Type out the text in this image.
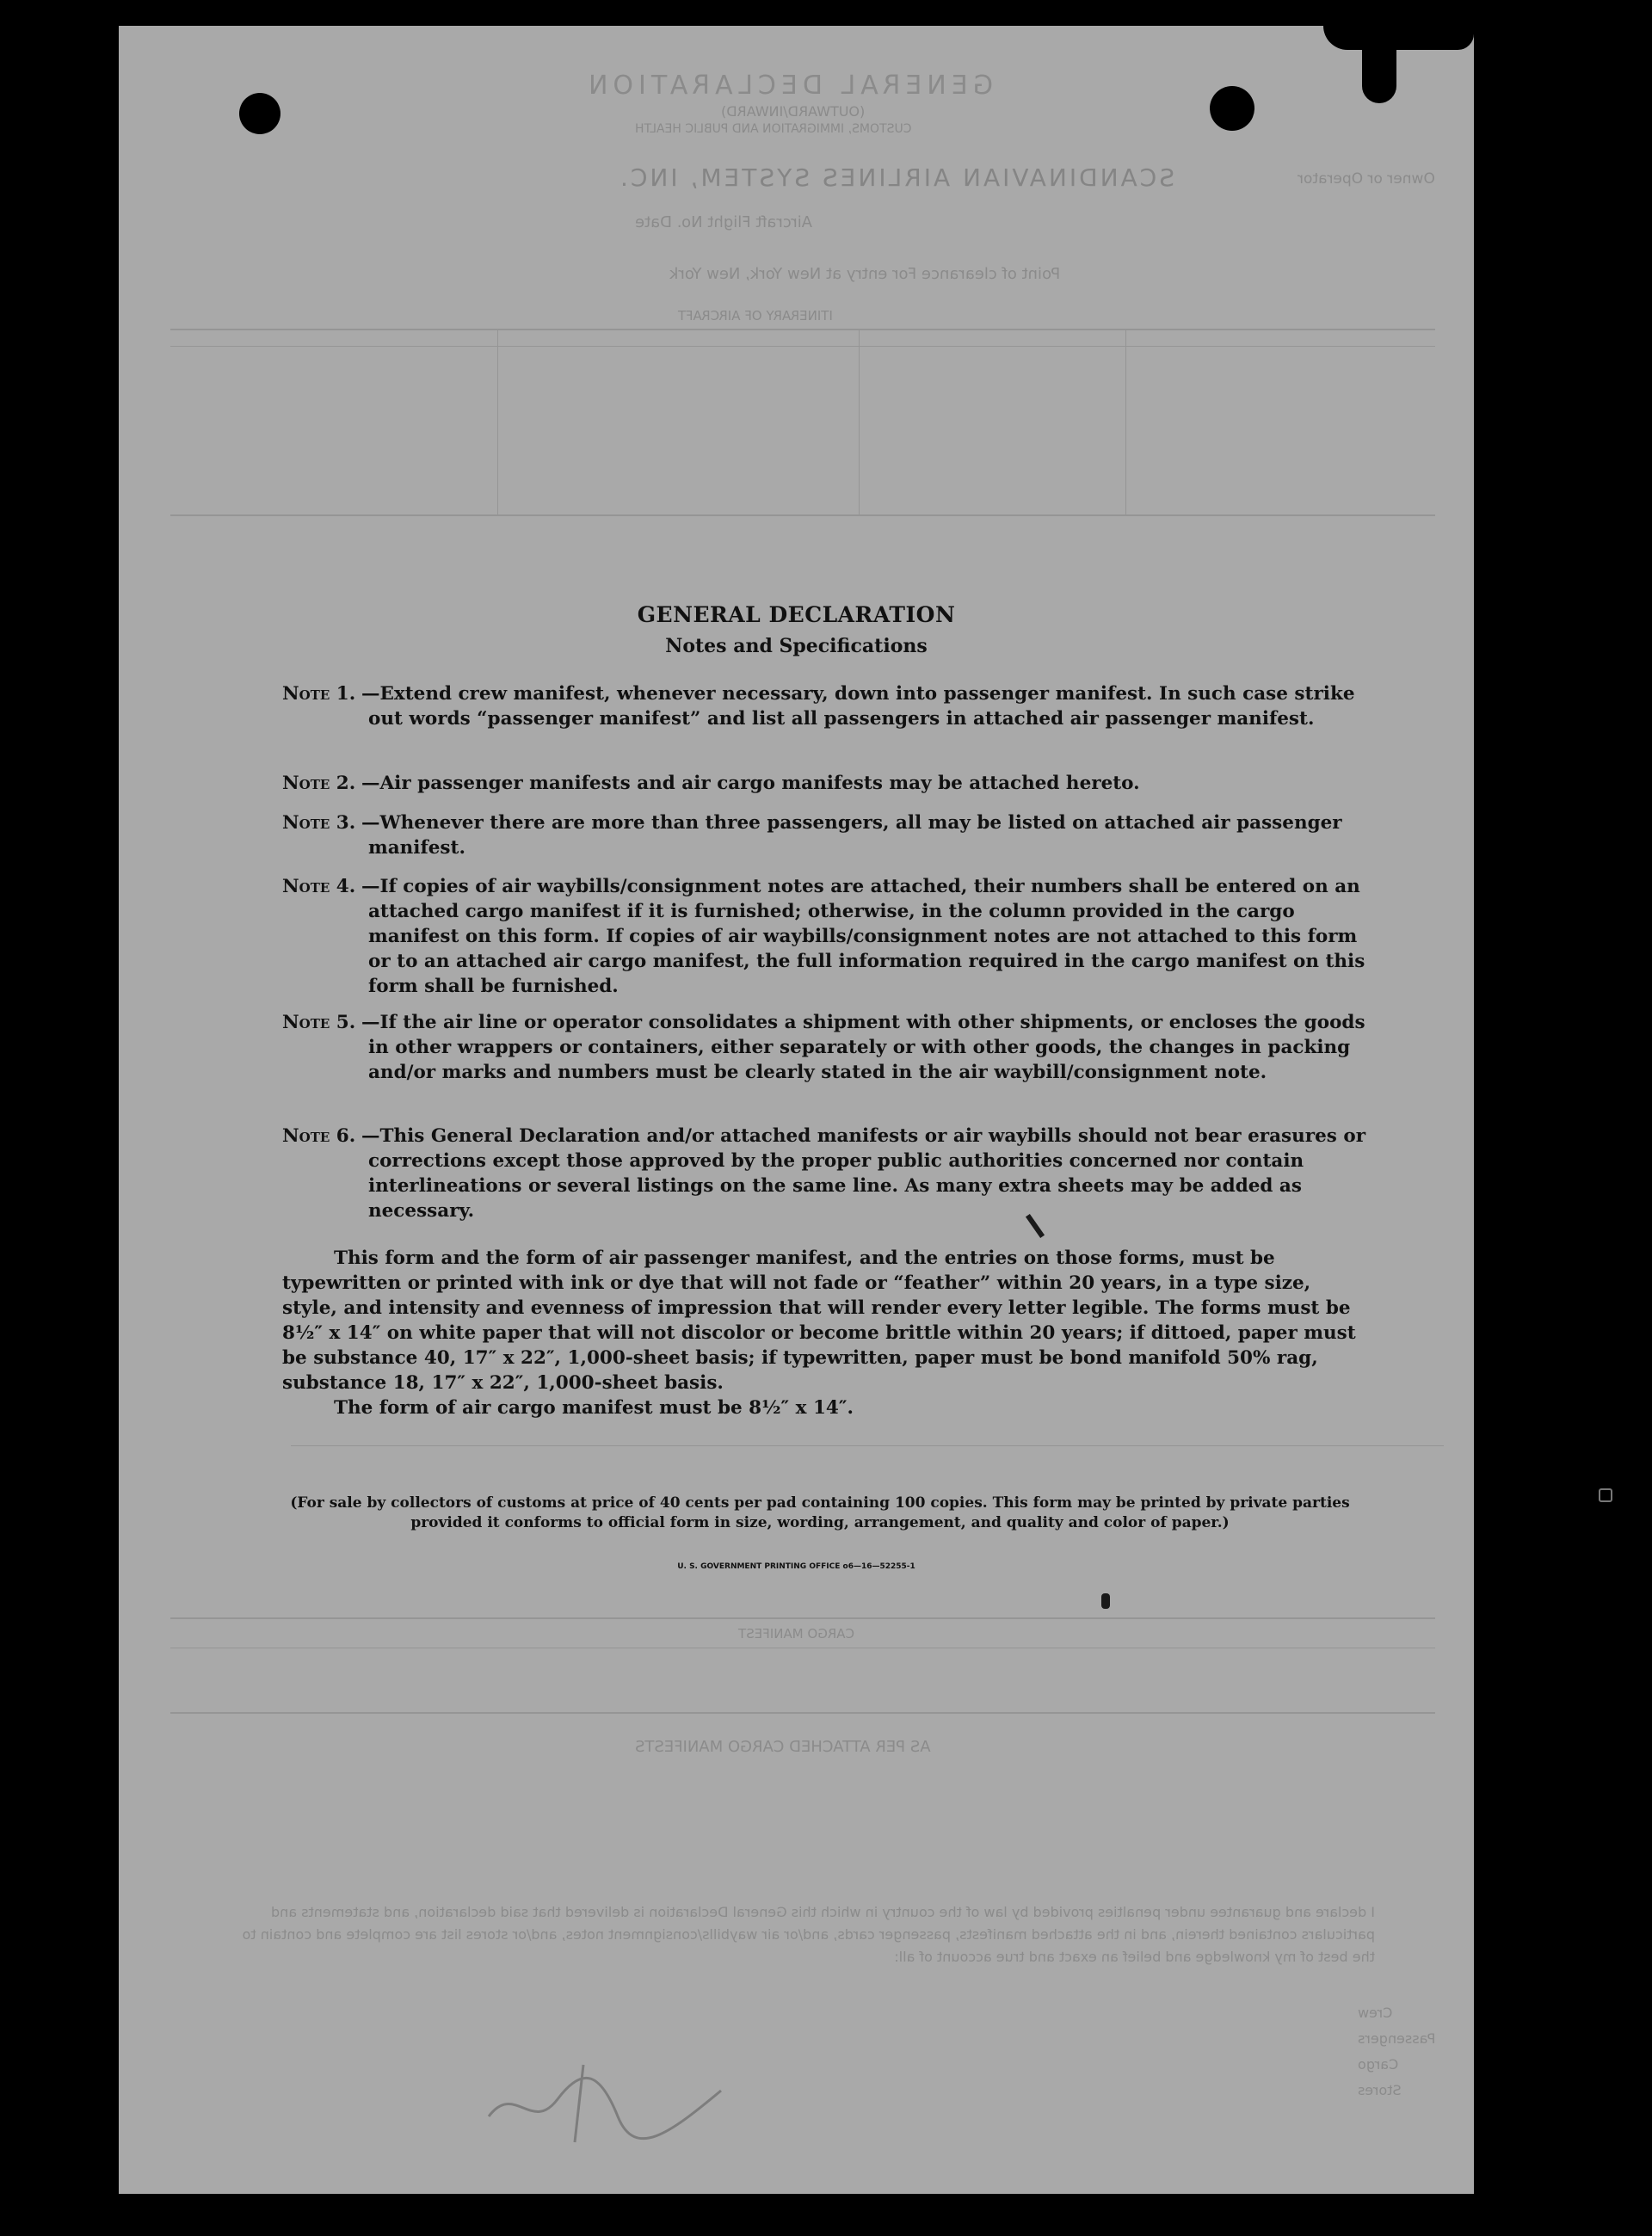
GENERAL DECLARATION
(OUTWARD/INWARD)
CUSTOMS, IMMIGRATION AND PUBLIC HEALTH
SCANDINAVIAN AIRLINES SYSTEM, INC.	Owner or Operator
Aircraft Flight No. Date
Point of clearance For entry at New York, New York
ITINERARY OF AIRCRAFT
CARGO MANIFEST
AS PER ATTACHED CARGO MANIFESTS
I declare and guarantee under penalties provided by law of the country in which this General Declaration is delivered that said declaration, and statements and particulars contained therein, and in the attached manifests, passenger cards, and/or air waybills/consignment notes, and/or stores list are complete and contain to the best of my knowledge and belief an exact and true account of all:
Crew
Passengers
Cargo
Stores
GENERAL DECLARATION
Notes and Specifications
Note 1. —Extend crew manifest, whenever necessary, down into passenger manifest. In such case strike out words “passenger manifest” and list all passengers in attached air passenger manifest.
Note 2. —Air passenger manifests and air cargo manifests may be attached hereto.
Note 3. —Whenever there are more than three passengers, all may be listed on attached air passenger manifest.
Note 4. —If copies of air waybills/consignment notes are attached, their numbers shall be entered on an attached cargo manifest if it is furnished; otherwise, in the column provided in the cargo manifest on this form. If copies of air waybills/consignment notes are not attached to this form or to an attached air cargo manifest, the full information required in the cargo manifest on this form shall be furnished.
Note 5. —If the air line or operator consolidates a shipment with other shipments, or encloses the goods in other wrappers or containers, either separately or with other goods, the changes in packing and/or marks and numbers must be clearly stated in the air waybill/consignment note.
Note 6. —This General Declaration and/or attached manifests or air waybills should not bear erasures or corrections except those approved by the proper public authorities concerned nor contain interlineations or several listings on the same line. As many extra sheets may be added as necessary.
This form and the form of air passenger manifest, and the entries on those forms, must be typewritten or printed with ink or dye that will not fade or “feather” within 20 years, in a type size, style, and intensity and evenness of impression that will render every letter legible. The forms must be 8½″ x 14″ on white paper that will not discolor or become brittle within 20 years; if dittoed, paper must be substance 40, 17″ x 22″, 1,000-sheet basis; if typewritten, paper must be bond manifold 50% rag, substance 18, 17″ x 22″, 1,000-sheet basis.
The form of air cargo manifest must be 8½″ x 14″.
(For sale by collectors of customs at price of 40 cents per pad containing 100 copies. This form may be printed by private parties provided it conforms to official form in size, wording, arrangement, and quality and color of paper.)
U. S. GOVERNMENT PRINTING OFFICE o6—16—52255-1
